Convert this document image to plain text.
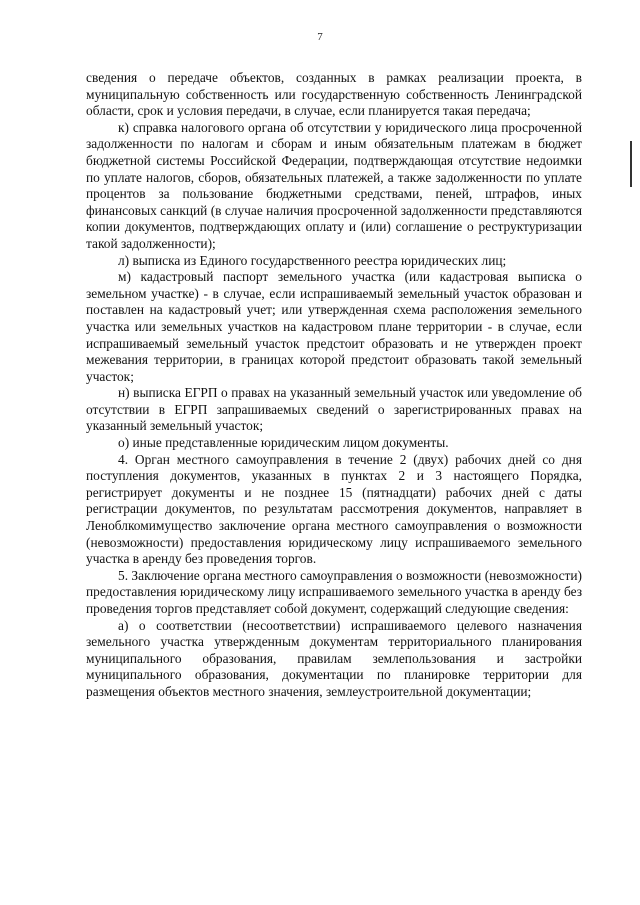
7

сведения о передаче объектов, созданных в рамках реализации проекта, в муниципальную собственность или государственную собственность Ленинградской области, срок и условия передачи, в случае, если планируется такая передача;

к) справка налогового органа об отсутствии у юридического лица просроченной задолженности по налогам и сборам и иным обязательным платежам в бюджет бюджетной системы Российской Федерации, подтверждающая отсутствие недоимки по уплате налогов, сборов, обязательных платежей, а также задолженности по уплате процентов за пользование бюджетными средствами, пеней, штрафов, иных финансовых санкций (в случае наличия просроченной задолженности представляются копии документов, подтверждающих оплату и (или) соглашение о реструктуризации такой задолженности);

л) выписка из Единого государственного реестра юридических лиц;

м) кадастровый паспорт земельного участка (или кадастровая выписка о земельном участке) - в случае, если испрашиваемый земельный участок образован и поставлен на кадастровый учет; или утвержденная схема расположения земельного участка или земельных участков на кадастровом плане территории - в случае, если испрашиваемый земельный участок предстоит образовать и не утвержден проект межевания территории, в границах которой предстоит образовать такой земельный участок;

н) выписка ЕГРП о правах на указанный земельный участок или уведомление об отсутствии в ЕГРП запрашиваемых сведений о зарегистрированных правах на указанный земельный участок;

о) иные представленные юридическим лицом документы.

4. Орган местного самоуправления в течение 2 (двух) рабочих дней со дня поступления документов, указанных в пунктах 2 и 3 настоящего Порядка, регистрирует документы и не позднее 15 (пятнадцати) рабочих дней с даты регистрации документов, по результатам рассмотрения документов, направляет в Леноблкомимущество заключение органа местного самоуправления о возможности (невозможности) предоставления юридическому лицу испрашиваемого земельного участка в аренду без проведения торгов.

5. Заключение органа местного самоуправления о возможности (невозможности) предоставления юридическому лицу испрашиваемого земельного участка в аренду без проведения торгов представляет собой документ, содержащий следующие сведения:

а) о соответствии (несоответствии) испрашиваемого целевого назначения земельного участка утвержденным документам территориального планирования муниципального образования, правилам землепользования и застройки муниципального образования, документации по планировке территории для размещения объектов местного значения, землеустроительной документации;
